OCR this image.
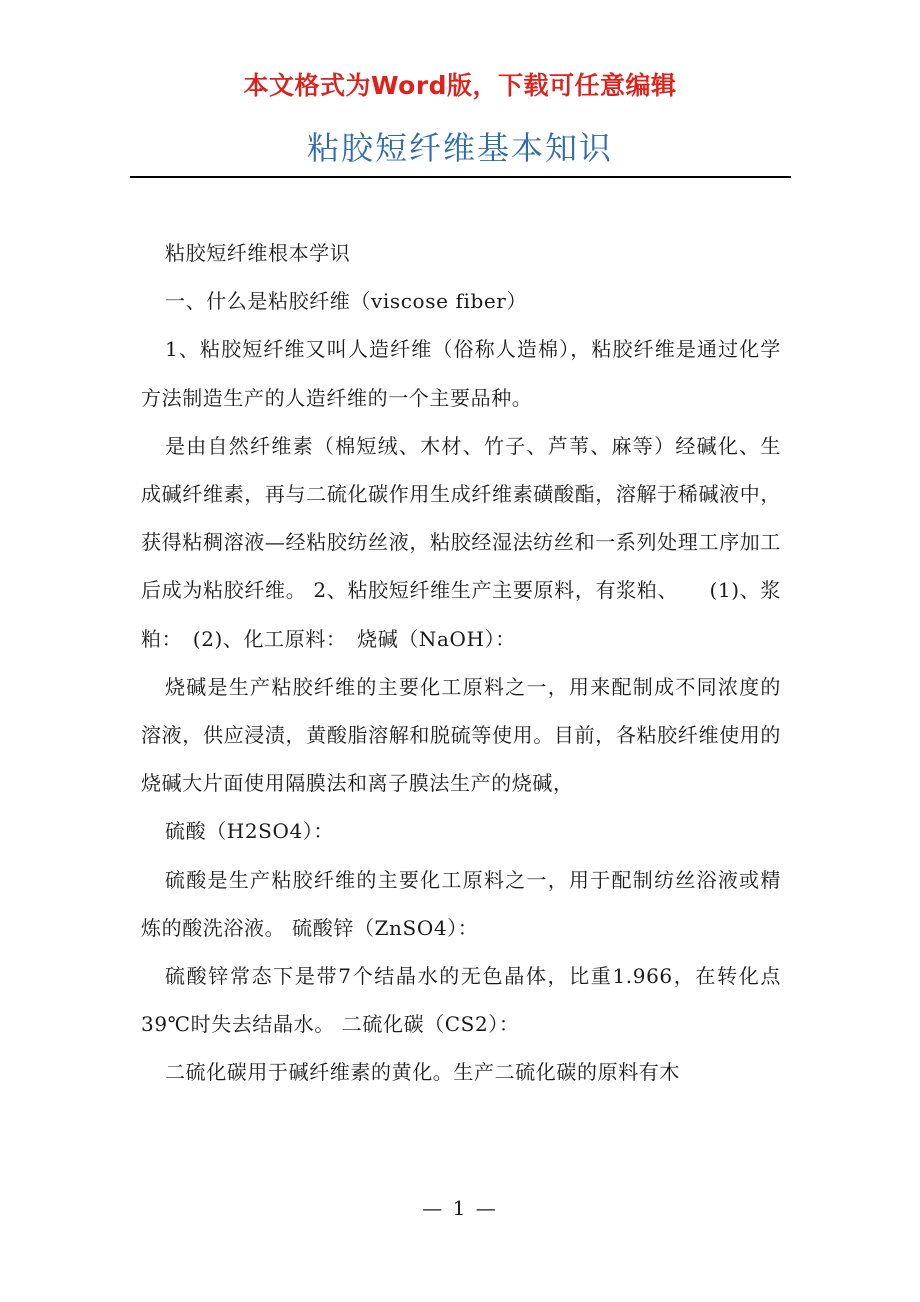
本文格式为Word版，下载可任意编辑
粘胶短纤维基本知识

粘胶短纤维根本学识

一、什么是粘胶纤维（viscose fiber）

1、粘胶短纤维又叫人造纤维（俗称人造棉），粘胶纤维是通过化学方法制造生产的人造纤维的一个主要品种。

是由自然纤维素（棉短绒、木材、竹子、芦苇、麻等）经碱化、生成碱纤维素，再与二硫化碳作用生成纤维素磺酸酯，溶解于稀碱液中，获得粘稠溶液—经粘胶纺丝液，粘胶经湿法纺丝和一系列处理工序加工后成为粘胶纤维。 2、粘胶短纤维生产主要原料，有浆粕、　　(1)、浆粕：　(2)、化工原料：　烧碱（NaOH）：

烧碱是生产粘胶纤维的主要化工原料之一，用来配制成不同浓度的溶液，供应浸渍，黄酸脂溶解和脱硫等使用。目前，各粘胶纤维使用的烧碱大片面使用隔膜法和离子膜法生产的烧碱，

硫酸（H2SO4）：

硫酸是生产粘胶纤维的主要化工原料之一，用于配制纺丝浴液或精炼的酸洗浴液。 硫酸锌（ZnSO4）：

硫酸锌常态下是带7个结晶水的无色晶体，比重1.966，在转化点39℃时失去结晶水。 二硫化碳（CS2）：

二硫化碳用于碱纤维素的黄化。生产二硫化碳的原料有木

— 1 —
